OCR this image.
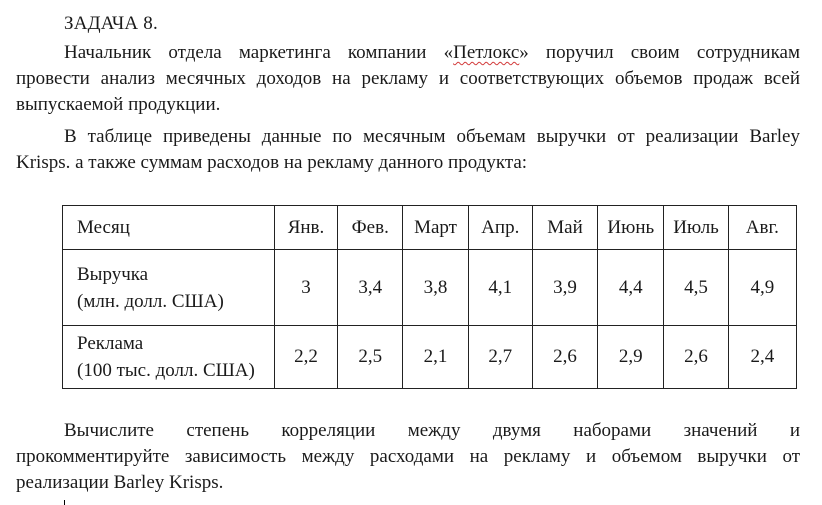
ЗАДАЧА 8.
Начальник отдела маркетинга компании «Петлокс» поручил своим сотрудникам
провести анализ месячных доходов на рекламу и соответствующих объемов продаж всей
выпускаемой продукции.
В таблице приведены данные по месячным объемам выручки от реализации Barley
Krisps. а также суммам расходов на рекламу данного продукта:
Месяц	Янв.	Фев.	Март	Апр.	Май	Июнь	Июль	Авг.

Выручка
(млн. долл. США)	3	3,4	3,8	4,1	3,9	4,4	4,5	4,9

Реклама
(100 тыс. долл. США)	2,2	2,5	2,1	2,7	2,6	2,9	2,6	2,4
Вычислите степень корреляции между двумя наборами значений и
прокомментируйте зависимость между расходами на рекламу и объемом выручки от
реализации Barley Krisps.
